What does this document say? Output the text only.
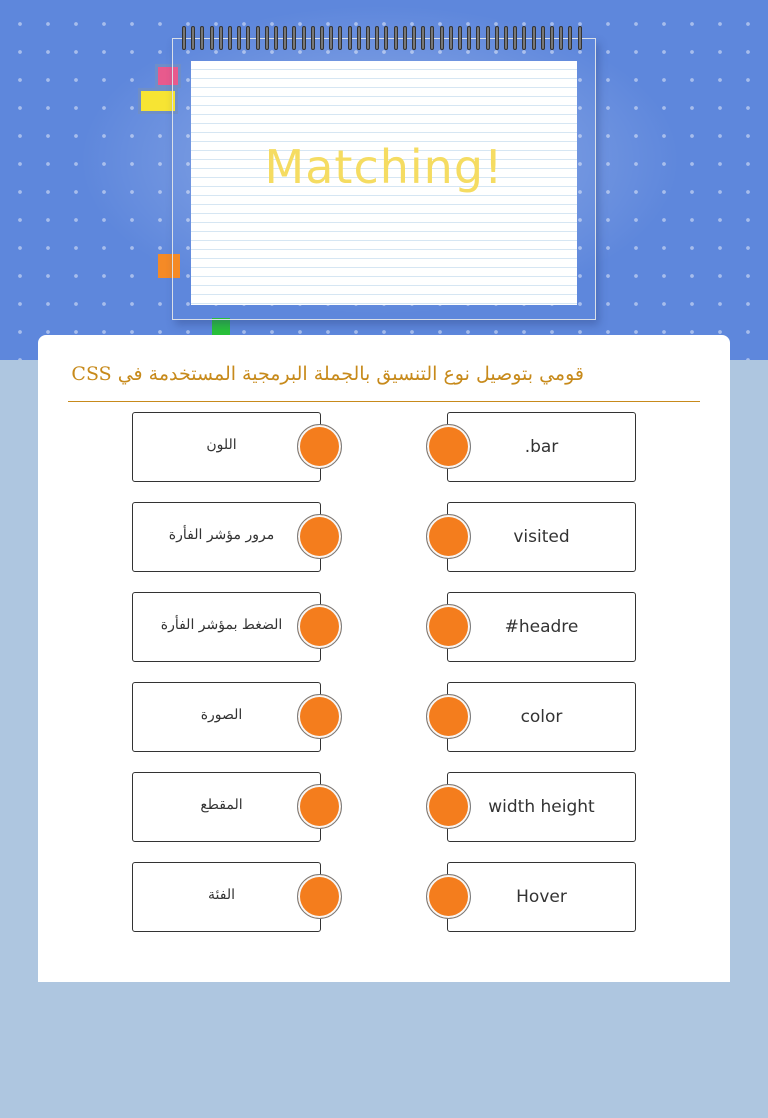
Matching!
قومي بتوصيل نوع التنسيق بالجملة البرمجية المستخدمة في CSS
اللون
مرور مؤشر الفأرة
الضغط بمؤشر الفأرة
الصورة
المقطع
الفئة
.bar
visited
#headre
color
width height
Hover
